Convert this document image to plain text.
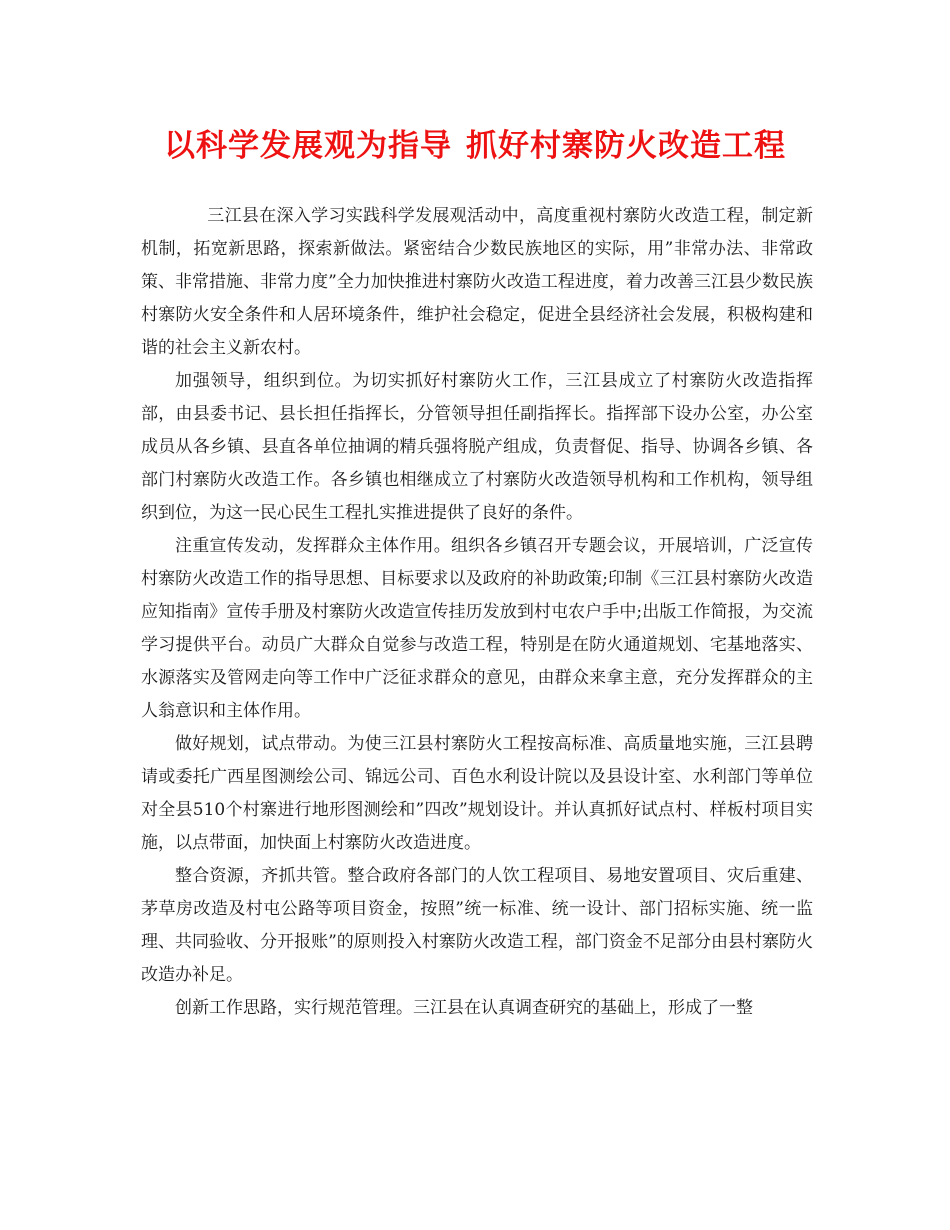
以科学发展观为指导 抓好村寨防火改造工程

三江县在深入学习实践科学发展观活动中，高度重视村寨防火改造工程，制定新机制，拓宽新思路，探索新做法。紧密结合少数民族地区的实际，用”非常办法、非常政策、非常措施、非常力度”全力加快推进村寨防火改造工程进度，着力改善三江县少数民族村寨防火安全条件和人居环境条件，维护社会稳定，促进全县经济社会发展，积极构建和谐的社会主义新农村。

加强领导，组织到位。为切实抓好村寨防火工作，三江县成立了村寨防火改造指挥部，由县委书记、县长担任指挥长，分管领导担任副指挥长。指挥部下设办公室，办公室成员从各乡镇、县直各单位抽调的精兵强将脱产组成，负责督促、指导、协调各乡镇、各部门村寨防火改造工作。各乡镇也相继成立了村寨防火改造领导机构和工作机构，领导组织到位，为这一民心民生工程扎实推进提供了良好的条件。

注重宣传发动，发挥群众主体作用。组织各乡镇召开专题会议，开展培训，广泛宣传村寨防火改造工作的指导思想、目标要求以及政府的补助政策;印制《三江县村寨防火改造应知指南》宣传手册及村寨防火改造宣传挂历发放到村屯农户手中;出版工作简报，为交流学习提供平台。动员广大群众自觉参与改造工程，特别是在防火通道规划、宅基地落实、水源落实及管网走向等工作中广泛征求群众的意见，由群众来拿主意，充分发挥群众的主人翁意识和主体作用。

做好规划，试点带动。为使三江县村寨防火工程按高标准、高质量地实施，三江县聘请或委托广西星图测绘公司、锦远公司、百色水利设计院以及县设计室、水利部门等单位对全县510个村寨进行地形图测绘和”四改”规划设计。并认真抓好试点村、样板村项目实施，以点带面，加快面上村寨防火改造进度。

整合资源，齐抓共管。整合政府各部门的人饮工程项目、易地安置项目、灾后重建、茅草房改造及村屯公路等项目资金，按照”统一标准、统一设计、部门招标实施、统一监理、共同验收、分开报账”的原则投入村寨防火改造工程，部门资金不足部分由县村寨防火改造办补足。

创新工作思路，实行规范管理。三江县在认真调查研究的基础上，形成了一整
